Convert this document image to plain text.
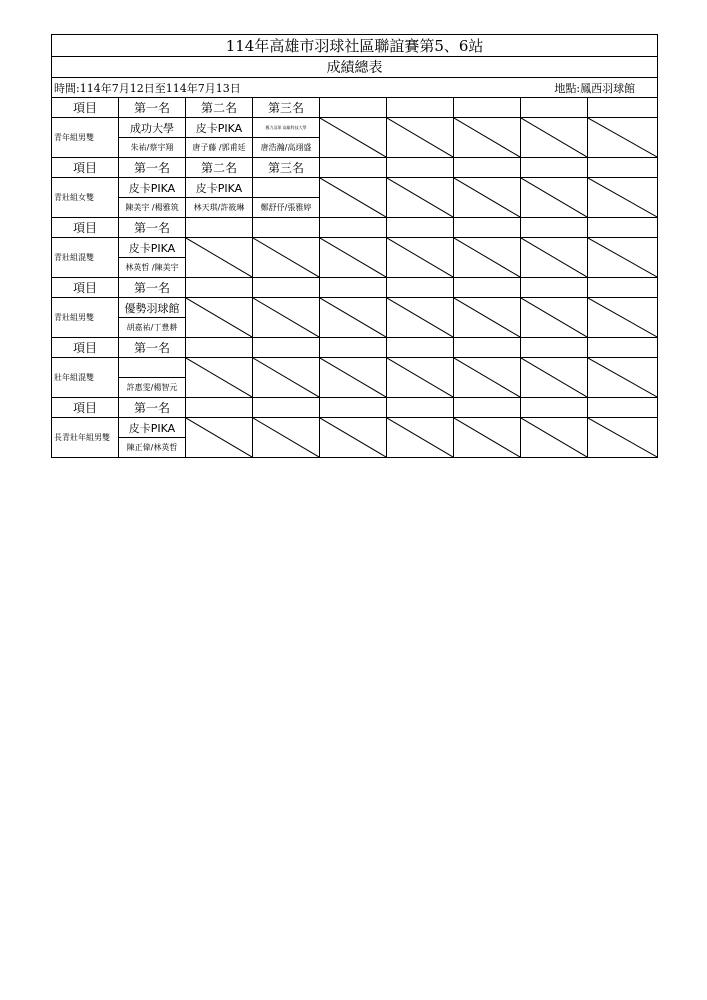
114年高雄市羽球社區聯誼賽第5、6站								
成績總表								

時間:114年7月12日至114年7月13日 地點:鳳西羽球館								

項目	第一名	第二名	第三名					
青年組男雙	成功大學	皮卡PIKA	鳳力羽球 高雄科技大學	

	朱祐/蔡宇翔	唐子藤 /郭甫廷	唐浩瀚/高翊盛					
項目	第一名	第二名	第三名					
青壯組女雙	皮卡PIKA	皮卡PIKA		

	陳美宇 /楊雅筑	林天琪/許筱琳	鄭舒伃/張雅婷					
項目	第一名							
青壯組混雙	皮卡PIKA	

	林英哲 /陳美宇							
項目	第一名							
青壯組男雙	優勢羽球館	

	胡嘉祐/丁豊耕							
項目	第一名							
壯年組混雙		

	許惠雯/楊智元							
項目	第一名							
長青壯年組男雙	皮卡PIKA	

	陳正偉/林英哲							
